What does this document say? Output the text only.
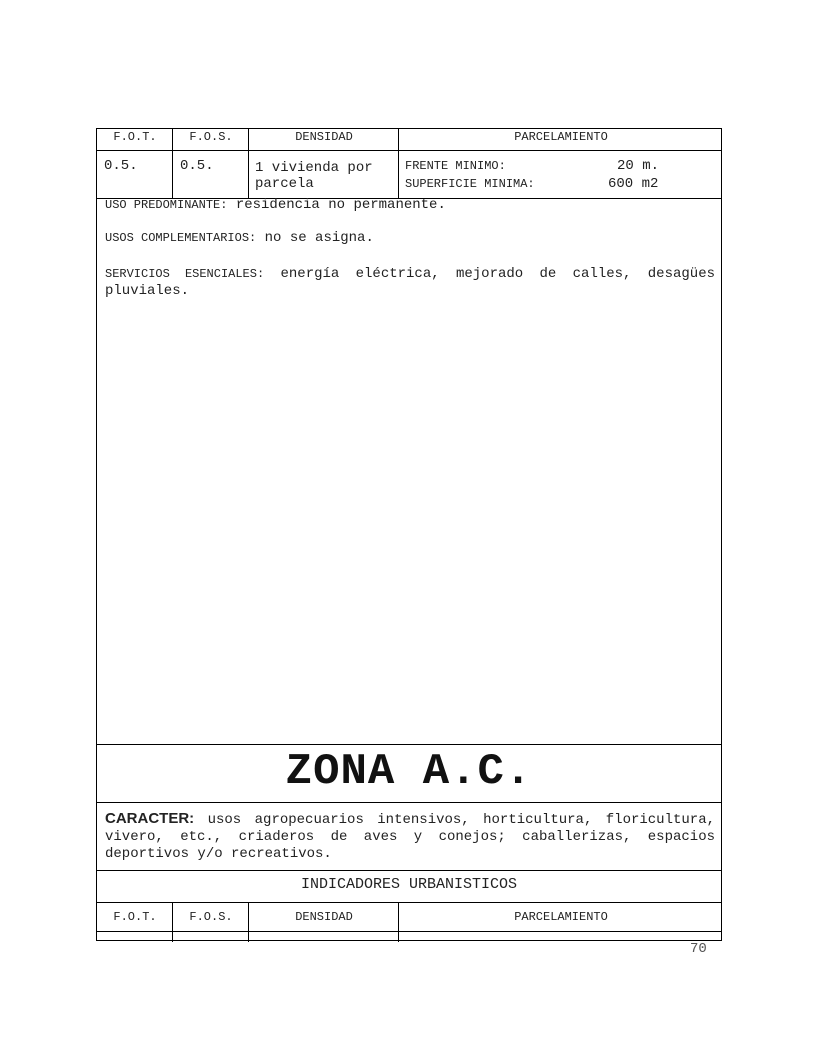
F.O.T.	F.O.S.	DENSIDAD	PARCELAMIENTO
0.5.	0.5.	1 vivienda por
parcela
FRENTE MINIMO:	20 m.
SUPERFICIE MINIMA:	600 m2
USO PREDOMINANTE: residencia no permanente.
USOS COMPLEMENTARIOS: no se asigna.
SERVICIOS ESENCIALES: energía eléctrica, mejorado de calles, desagües pluviales.
ZONA A.C.
CARACTER: usos agropecuarios intensivos, horticultura, floricultura, vivero, etc., criaderos de aves y conejos; caballerizas, espacios deportivos y/o recreativos.
INDICADORES URBANISTICOS
F.O.T.	F.O.S.	DENSIDAD	PARCELAMIENTO
70
